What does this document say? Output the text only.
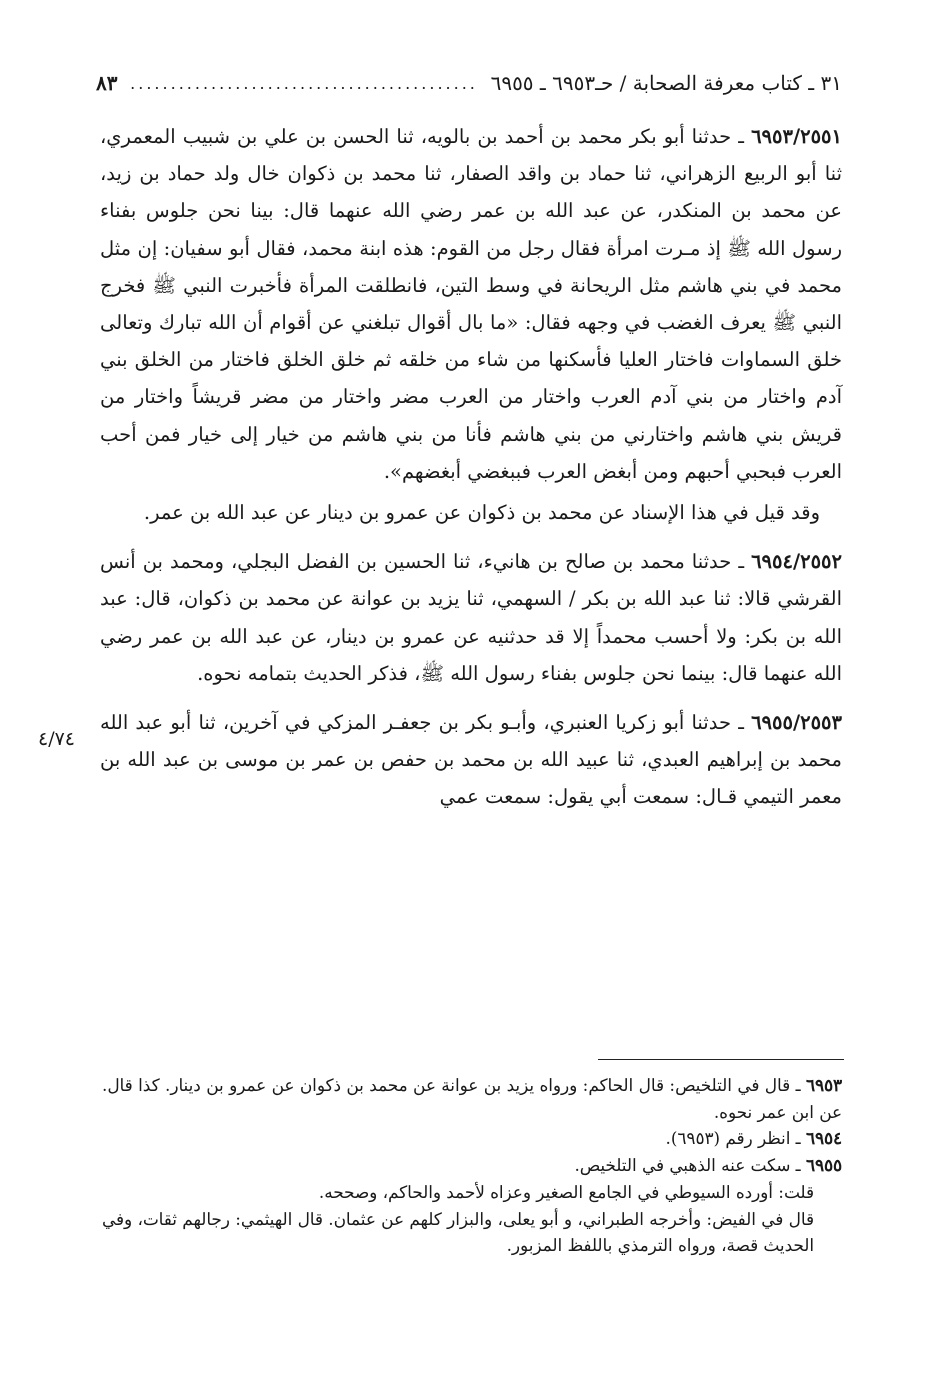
٣١ ـ كتاب معرفة الصحابة / حـ٦٩٥٣ ـ ٦٩٥٥
...........................................
٨٣

٦٩٥٣/٢٥٥١ ـ حدثنا أبو بكر محمد بن أحمد بن بالويه، ثنا الحسن بن علي بن شبيب المعمري، ثنا أبو الربيع الزهراني، ثنا حماد بن واقد الصفار، ثنا محمد بن ذكوان خال ولد حماد بن زيد، عن محمد بن المنكدر، عن عبد الله بن عمر رضي الله عنهما قال: بينا نحن جلوس بفناء رسول الله ﷺ إذ مـرت امرأة فقال رجل من القوم: هذه ابنة محمد، فقال أبو سفيان: إن مثل محمد في بني هاشم مثل الريحانة في وسط التين، فانطلقت المرأة فأخبرت النبي ﷺ فخرج النبي ﷺ يعرف الغضب في وجهه فقال: «ما بال أقوال تبلغني عن أقوام أن الله تبارك وتعالى خلق السماوات فاختار العليا فأسكنها من شاء من خلقه ثم خلق الخلق فاختار من الخلق بني آدم واختار من بني آدم العرب واختار من العرب مضر واختار من مضر قريشاً واختار من قريش بني هاشم واختارني من بني هاشم فأنا من بني هاشم من خيار إلى خيار فمن أحب العرب فبحبي أحبهم ومن أبغض العرب فببغضي أبغضهم».

وقد قيل في هذا الإسناد عن محمد بن ذكوان عن عمرو بن دينار عن عبد الله بن عمر.

٦٩٥٤/٢٥٥٢ ـ حدثنا محمد بن صالح بن هانيء، ثنا الحسين بن الفضل البجلي، ومحمد بن أنس القرشي قالا: ثنا عبد الله بن بكر / السهمي، ثنا يزيد بن عوانة عن محمد بن ذكوان، قال: عبد الله بن بكر: ولا أحسب محمداً إلا قد حدثنيه عن عمرو بن دينار، عن عبد الله بن عمر رضي الله عنهما قال: بينما نحن جلوس بفناء رسول الله ﷺ، فذكر الحديث بتمامه نحوه.

٦٩٥٥/٢٥٥٣ ـ حدثنا أبو زكريا العنبري، وأبـو بكر بن جعفـر المزكي في آخرين، ثنا أبو عبد الله محمد بن إبراهيم العبدي، ثنا عبيد الله بن محمد بن حفص بن عمر بن موسى بن عبد الله بن معمر التيمي قـال: سمعت أبي يقول: سمعت عمي

٤/٧٤

٦٩٥٣ ـ قال في التلخيص: قال الحاكم: ورواه يزيد بن عوانة عن محمد بن ذكوان عن عمرو بن دينار. كذا قال. عن ابن عمر نحوه.

٦٩٥٤ ـ انظر رقم (٦٩٥٣).

٦٩٥٥ ـ سكت عنه الذهبي في التلخيص.

قلت: أورده السيوطي في الجامع الصغير وعزاه لأحمد والحاكم، وصححه.

قال في الفيض: وأخرجه الطبراني، و أبو يعلى، والبزار كلهم عن عثمان. قال الهيثمي: رجالهم ثقات، وفي الحديث قصة، ورواه الترمذي باللفظ المزبور.
